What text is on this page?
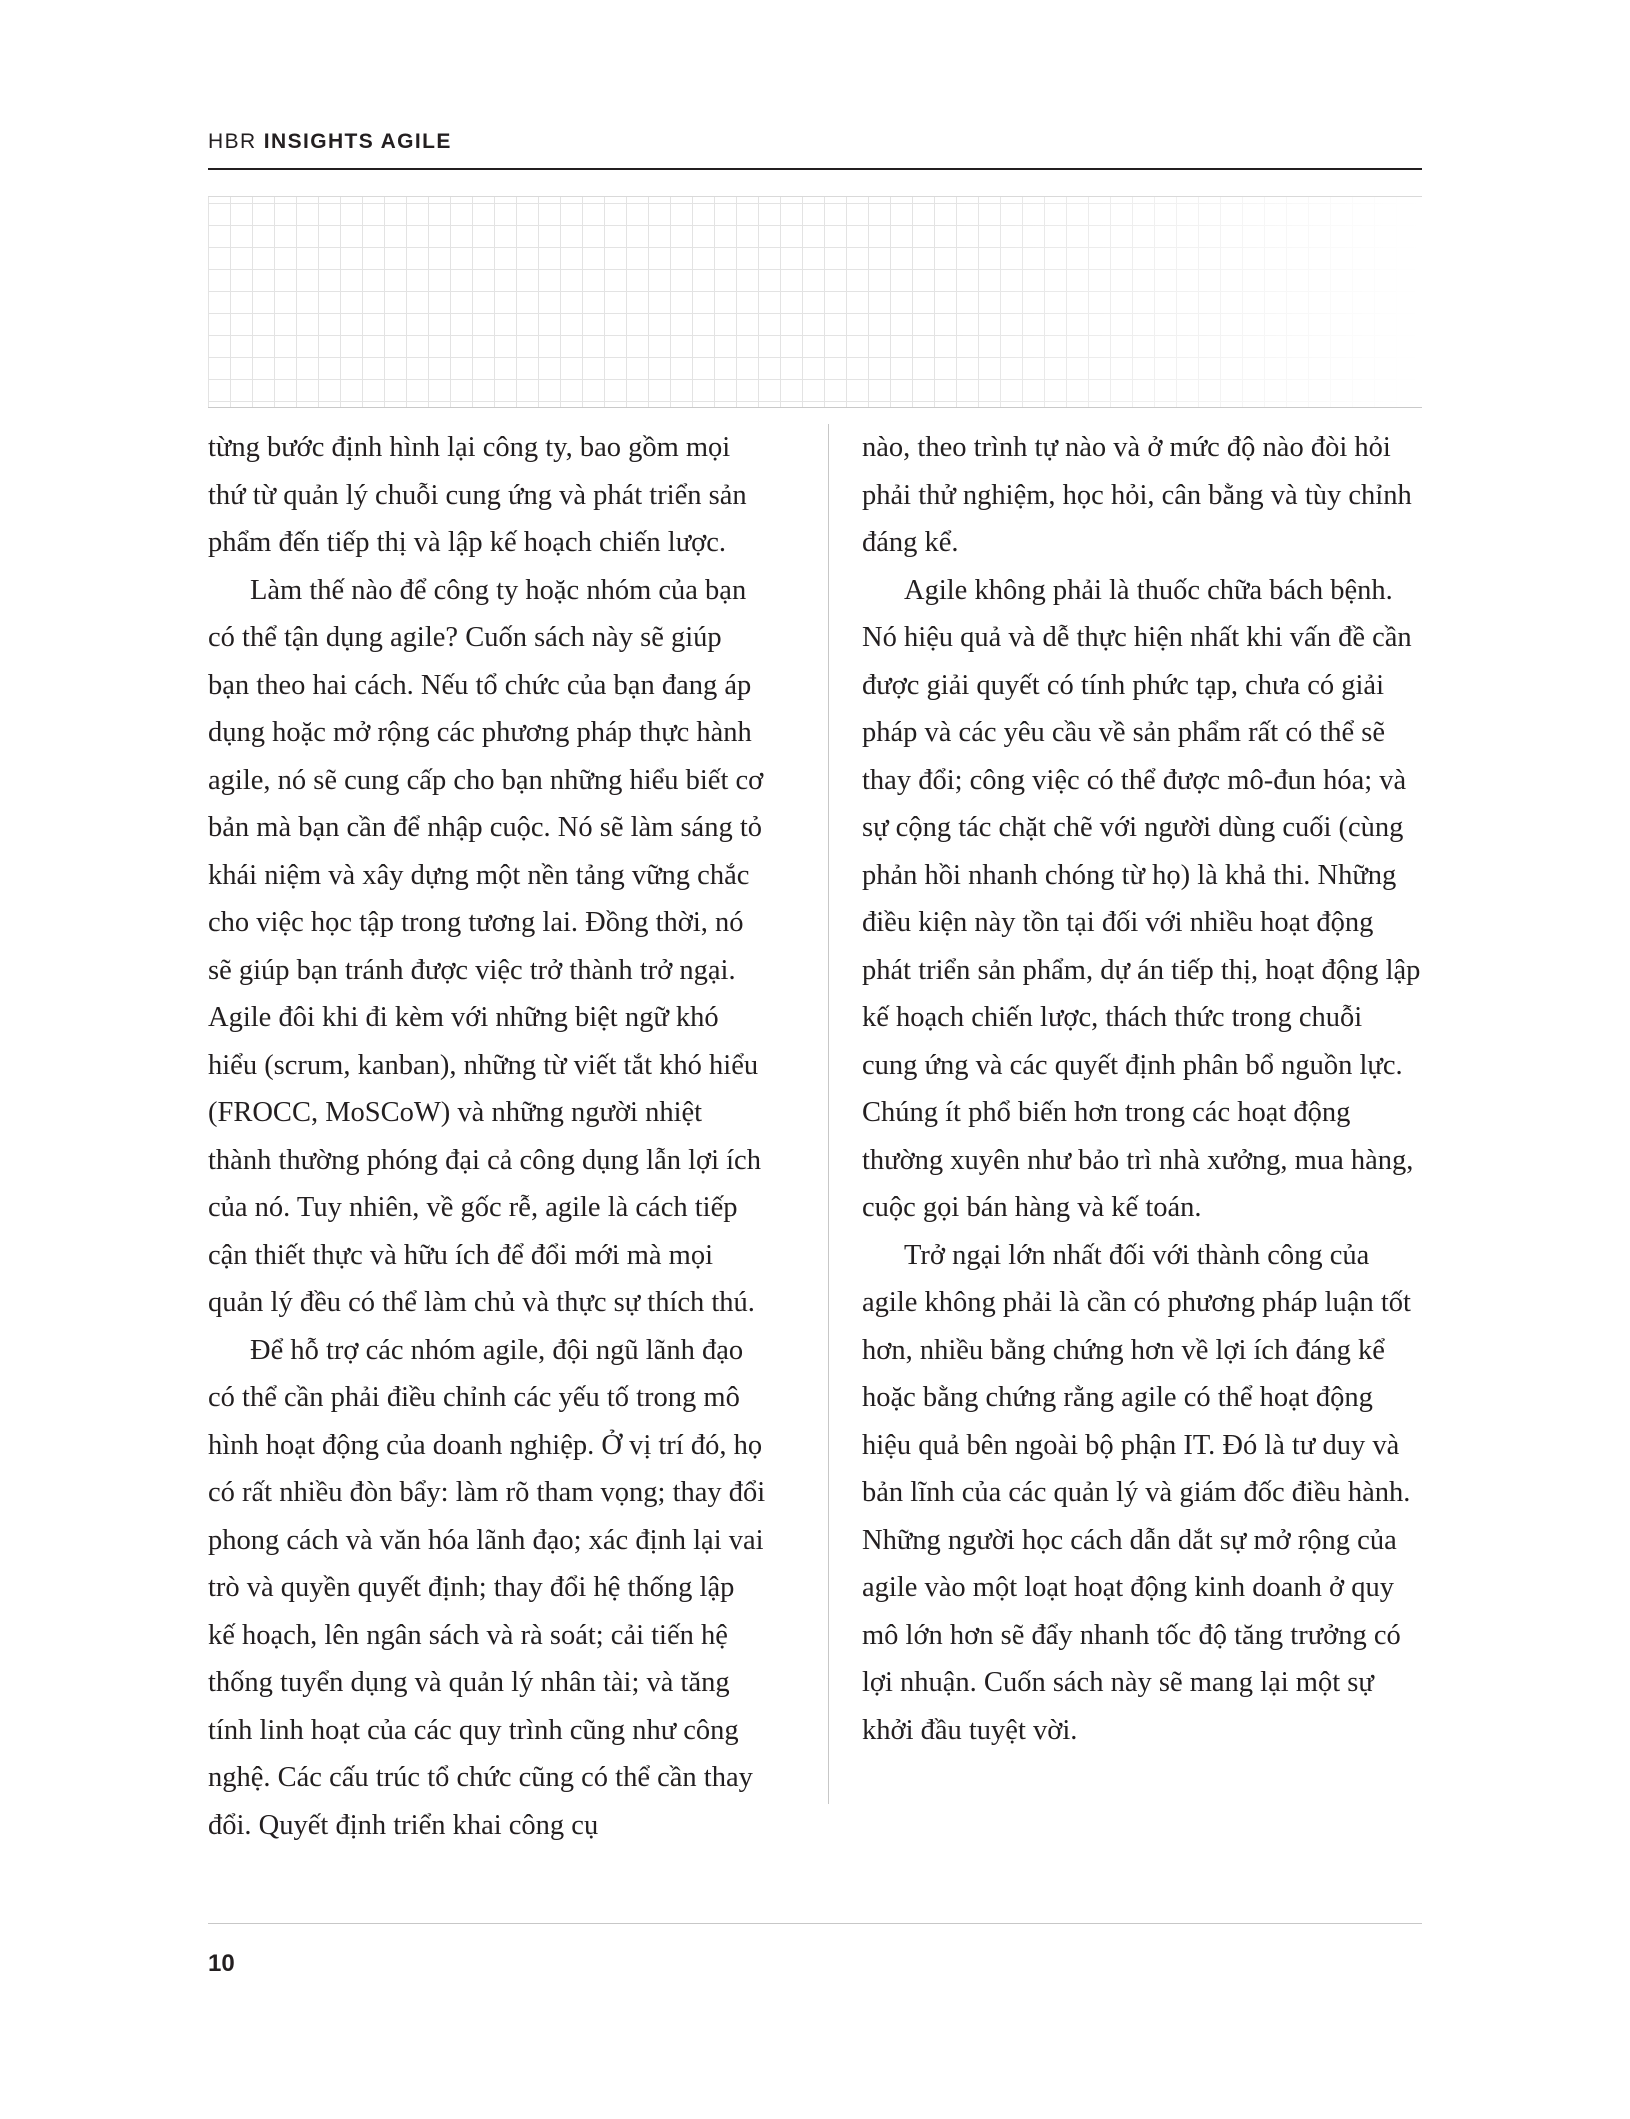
HBR INSIGHTS AGILE

từng bước định hình lại công ty, bao gồm mọi thứ từ quản lý chuỗi cung ứng và phát triển sản phẩm đến tiếp thị và lập kế hoạch chiến lược.

Làm thế nào để công ty hoặc nhóm của bạn có thể tận dụng agile? Cuốn sách này sẽ giúp bạn theo hai cách. Nếu tổ chức của bạn đang áp dụng hoặc mở rộng các phương pháp thực hành agile, nó sẽ cung cấp cho bạn những hiểu biết cơ bản mà bạn cần để nhập cuộc. Nó sẽ làm sáng tỏ khái niệm và xây dựng một nền tảng vững chắc cho việc học tập trong tương lai. Đồng thời, nó sẽ giúp bạn tránh được việc trở thành trở ngại. Agile đôi khi đi kèm với những biệt ngữ khó hiểu (scrum, kanban), những từ viết tắt khó hiểu (FROCC, MoSCoW) và những người nhiệt thành thường phóng đại cả công dụng lẫn lợi ích của nó. Tuy nhiên, về gốc rễ, agile là cách tiếp cận thiết thực và hữu ích để đổi mới mà mọi quản lý đều có thể làm chủ và thực sự thích thú.

Để hỗ trợ các nhóm agile, đội ngũ lãnh đạo có thể cần phải điều chỉnh các yếu tố trong mô hình hoạt động của doanh nghiệp. Ở vị trí đó, họ có rất nhiều đòn bẩy: làm rõ tham vọng; thay đổi phong cách và văn hóa lãnh đạo; xác định lại vai trò và quyền quyết định; thay đổi hệ thống lập kế hoạch, lên ngân sách và rà soát; cải tiến hệ thống tuyển dụng và quản lý nhân tài; và tăng tính linh hoạt của các quy trình cũng như công nghệ. Các cấu trúc tổ chức cũng có thể cần thay đổi. Quyết định triển khai công cụ

nào, theo trình tự nào và ở mức độ nào đòi hỏi phải thử nghiệm, học hỏi, cân bằng và tùy chỉnh đáng kể.

Agile không phải là thuốc chữa bách bệnh. Nó hiệu quả và dễ thực hiện nhất khi vấn đề cần được giải quyết có tính phức tạp, chưa có giải pháp và các yêu cầu về sản phẩm rất có thể sẽ thay đổi; công việc có thể được mô-đun hóa; và sự cộng tác chặt chẽ với người dùng cuối (cùng phản hồi nhanh chóng từ họ) là khả thi. Những điều kiện này tồn tại đối với nhiều hoạt động phát triển sản phẩm, dự án tiếp thị, hoạt động lập kế hoạch chiến lược, thách thức trong chuỗi cung ứng và các quyết định phân bổ nguồn lực. Chúng ít phổ biến hơn trong các hoạt động thường xuyên như bảo trì nhà xưởng, mua hàng, cuộc gọi bán hàng và kế toán.

Trở ngại lớn nhất đối với thành công của agile không phải là cần có phương pháp luận tốt hơn, nhiều bằng chứng hơn về lợi ích đáng kể hoặc bằng chứng rằng agile có thể hoạt động hiệu quả bên ngoài bộ phận IT. Đó là tư duy và bản lĩnh của các quản lý và giám đốc điều hành. Những người học cách dẫn dắt sự mở rộng của agile vào một loạt hoạt động kinh doanh ở quy mô lớn hơn sẽ đẩy nhanh tốc độ tăng trưởng có lợi nhuận. Cuốn sách này sẽ mang lại một sự khởi đầu tuyệt vời.

10
